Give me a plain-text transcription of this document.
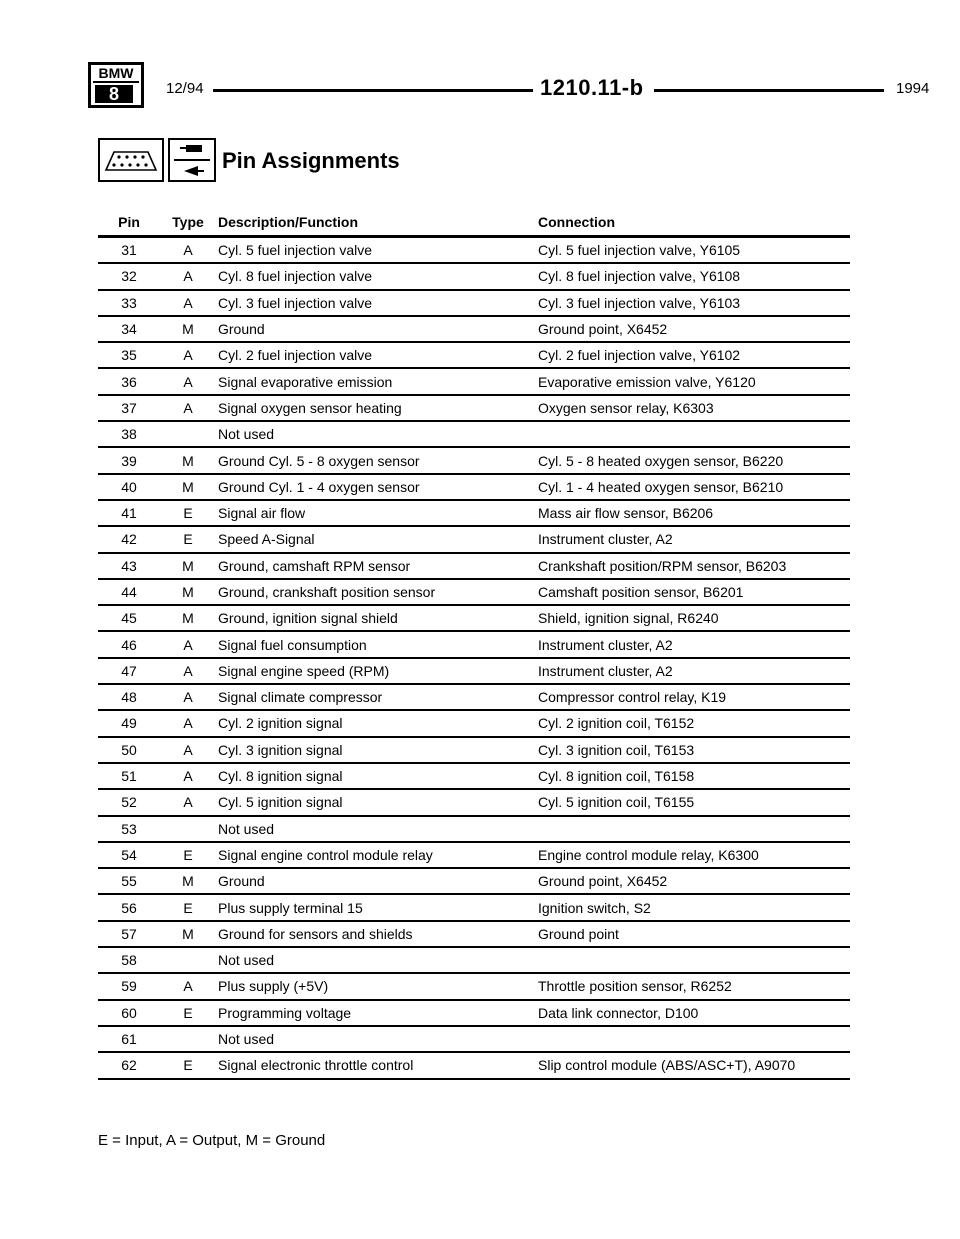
BMW
8	12/94	1210.11-b	1994
Pin Assignments
Pin	Type	Description/Function	Connection
31	A	Cyl. 5 fuel injection valve	Cyl. 5 fuel injection valve, Y6105
32	A	Cyl. 8 fuel injection valve	Cyl. 8 fuel injection valve, Y6108
33	A	Cyl. 3 fuel injection valve	Cyl. 3 fuel injection valve, Y6103
34	M	Ground	Ground point, X6452
35	A	Cyl. 2 fuel injection valve	Cyl. 2 fuel injection valve, Y6102
36	A	Signal evaporative emission	Evaporative emission valve, Y6120
37	A	Signal oxygen sensor heating	Oxygen sensor relay, K6303
38		Not used	
39	M	Ground Cyl. 5 - 8 oxygen sensor	Cyl. 5 - 8 heated oxygen sensor, B6220
40	M	Ground Cyl. 1 - 4 oxygen sensor	Cyl. 1 - 4 heated oxygen sensor, B6210
41	E	Signal air flow	Mass air flow sensor, B6206
42	E	Speed A-Signal	Instrument cluster, A2
43	M	Ground, camshaft RPM sensor	Crankshaft position/RPM sensor, B6203
44	M	Ground, crankshaft position sensor	Camshaft position sensor, B6201
45	M	Ground, ignition signal shield	Shield, ignition signal, R6240
46	A	Signal fuel consumption	Instrument cluster, A2
47	A	Signal engine speed (RPM)	Instrument cluster, A2
48	A	Signal climate compressor	Compressor control relay, K19
49	A	Cyl. 2 ignition signal	Cyl. 2 ignition coil, T6152
50	A	Cyl. 3 ignition signal	Cyl. 3 ignition coil, T6153
51	A	Cyl. 8 ignition signal	Cyl. 8 ignition coil, T6158
52	A	Cyl. 5 ignition signal	Cyl. 5 ignition coil, T6155
53		Not used	
54	E	Signal engine control module relay	Engine control module relay, K6300
55	M	Ground	Ground point, X6452
56	E	Plus supply terminal 15	Ignition switch, S2
57	M	Ground for sensors and shields	Ground point
58		Not used	
59	A	Plus supply (+5V)	Throttle position sensor, R6252
60	E	Programming voltage	Data link connector, D100
61		Not used	
62	E	Signal electronic throttle control	Slip control module (ABS/ASC+T), A9070
E = Input, A = Output, M = Ground
